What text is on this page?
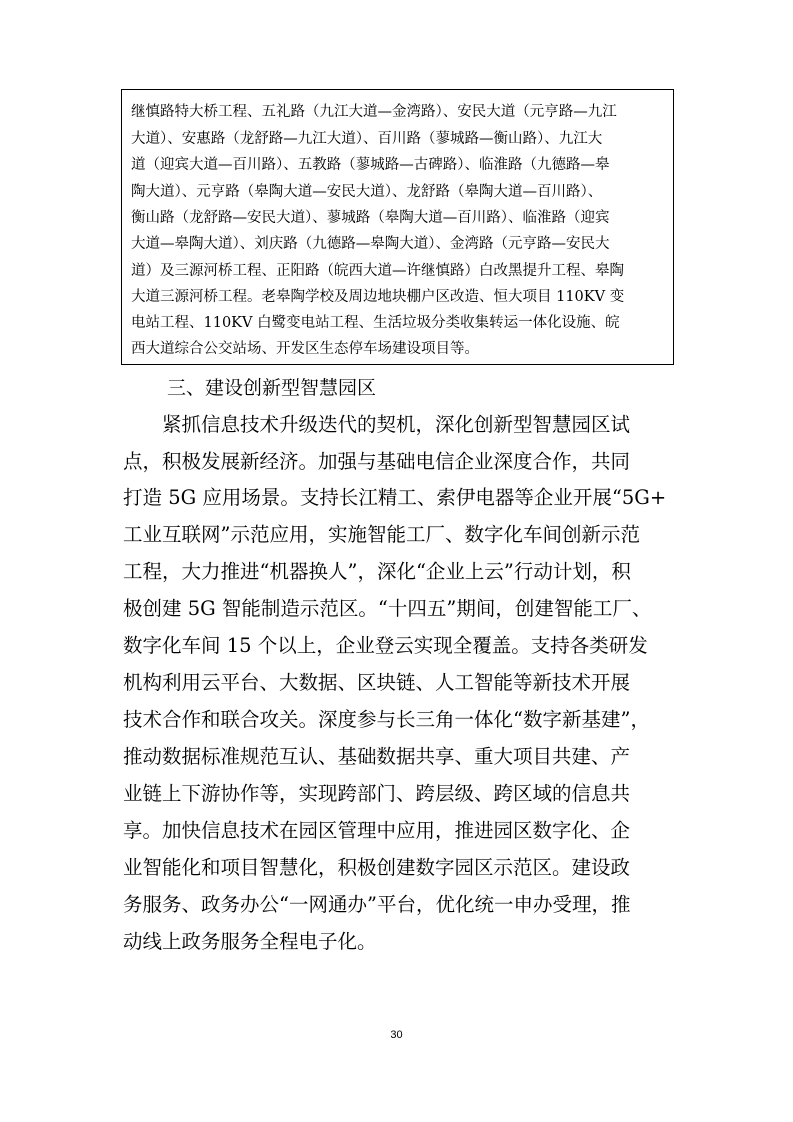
继慎路特大桥工程、五礼路（九江大道—金湾路）、安民大道（元亨路—九江
大道）、安惠路（龙舒路—九江大道）、百川路（蓼城路—衡山路）、九江大
道（迎宾大道—百川路）、五教路（蓼城路—古碑路）、临淮路（九德路—皋
陶大道）、元亨路（皋陶大道—安民大道）、龙舒路（皋陶大道—百川路）、
衡山路（龙舒路—安民大道）、蓼城路（皋陶大道—百川路）、临淮路（迎宾
大道—皋陶大道）、刘庆路（九德路—皋陶大道）、金湾路（元亨路—安民大
道）及三源河桥工程、正阳路（皖西大道—许继慎路）白改黑提升工程、皋陶
大道三源河桥工程。老皋陶学校及周边地块棚户区改造、恒大项目 110KV 变
电站工程、110KV 白鹭变电站工程、生活垃圾分类收集转运一体化设施、皖
西大道综合公交站场、开发区生态停车场建设项目等。
三、建设创新型智慧园区
紧抓信息技术升级迭代的契机，深化创新型智慧园区试
点，积极发展新经济。加强与基础电信企业深度合作，共同
打造 5G 应用场景。支持长江精工、索伊电器等企业开展“5G+
工业互联网”示范应用，实施智能工厂、数字化车间创新示范
工程，大力推进“机器换人”，深化“企业上云”行动计划，积
极创建 5G 智能制造示范区。“十四五”期间，创建智能工厂、
数字化车间 15 个以上，企业登云实现全覆盖。支持各类研发
机构利用云平台、大数据、区块链、人工智能等新技术开展
技术合作和联合攻关。深度参与长三角一体化“数字新基建”，
推动数据标准规范互认、基础数据共享、重大项目共建、产
业链上下游协作等，实现跨部门、跨层级、跨区域的信息共
享。加快信息技术在园区管理中应用，推进园区数字化、企
业智能化和项目智慧化，积极创建数字园区示范区。建设政
务服务、政务办公“一网通办”平台，优化统一申办受理，推
动线上政务服务全程电子化。
30
